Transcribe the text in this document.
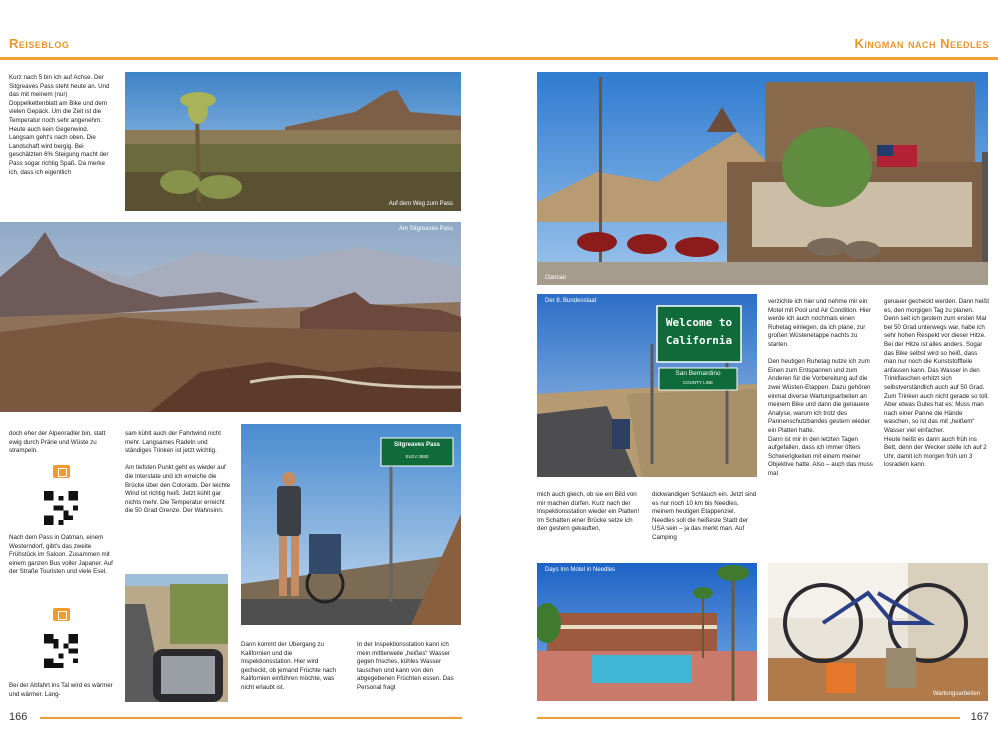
Reiseblog	Kingman nach Needles
Kurz nach 5 bin ich auf Achse. Der Sitgreaves Pass steht heute an. Und das mit meinem (nur) Doppelkettenblatt am Bike und dem vielen Gepäck. Um die Zeit ist die Temperatur noch sehr angenehm. Heute auch kein Gegenwind. Langsam geht's nach oben. Die Landschaft wird bergig. Bei geschätzten 6% Steigung macht der Pass sogar richtig Spaß. Da merke ich, dass ich eigentlich
Auf dem Weg zum Pass
Am Sitgreaves Pass
doch eher der Alpenradler bin, statt ewig durch Prärie und Wüste zu strampeln.
Nach dem Pass in Oatman, einem Westerndorf, gibt's das zweite Frühstück im Saloon. Zusammen mit einem ganzen Bus voller Japaner. Auf der Straße Touristen und viele Esel.
Bei der Abfahrt ins Tal wird es wärmer und wärmer. Lang-
sam kühlt auch der Fahrtwind nicht mehr. Langsames Radeln und ständiges Trinken ist jetzt wichtig.

Am tiefsten Punkt geht es wieder auf die Interstate und ich erreiche die Brücke über den Colorado. Der leichte Wind ist richtig heiß. Jetzt kühlt gar nichts mehr. Die Temperatur erreicht die 50 Grad Grenze. Der Wahnsinn.
Sitgreaves Pass
ELEV 3550
Dann kommt der Übergang zu Kalifornien und die Inspektionsstation. Hier wird gecheckt, ob jemand Früchte nach Kalifornien einführen möchte, was nicht erlaubt ist.
In der Inspektionsstation kann ich mein mittlerweile „heißes“ Wasser gegen frisches, kühles Wasser tauschen und kann von den abgegebenen Früchten essen. Das Personal fragt
166
Oatman
Der 8. Bundesstaat
Welcome to
California
San Bernardino
COUNTY LINE
verzichte ich hier und nehme mir ein Motel mit Pool und Air Condition. Hier werde ich auch nochmals einen Ruhetag einlegen, da ich plane, zur großen Wüstenetappe nachts zu starten.

Den heutigen Ruhetag nutze ich zum Einen zum Entspannen und zum Anderen für die Vorbereitung auf die zwei Wüsten-Etappen. Dazu gehören einmal diverse Wartungsarbeiten an meinem Bike und dann die genauere Analyse, warum ich trotz des Pannenschutzbandes gestern wieder ein Platten hatte.
Dann ist mir in den letzten Tagen aufgefallen, dass ich immer öfters Schwierigkeiten mit einem meiner Objektive hatte. Also – auch das muss mal
genauer gecheckt werden. Dann heißt es, den morgigen Tag zu planen. Denn seit ich gestern zum ersten Mal bei 50 Grad unterwegs war, habe ich sehr hohen Respekt vor dieser Hitze. Bei der Hitze ist alles anders. Sogar das Bike selbst wird so heiß, dass man nur noch die Kunststoffteile anfassen kann. Das Wasser in den Trinkflaschen erhitzt sich selbstverständlich auch auf 50 Grad. Zum Trinken auch nicht gerade so toll. Aber etwas Gutes hat es: Muss man nach einer Panne die Hände waschen, so ist das mit „heißem“ Wasser viel einfacher.
Heute heißt es dann auch früh ins Bett, denn der Wecker stelle ich auf 2 Uhr, damit ich morgen früh um 3 losradeln kann.
mich auch gleich, ob sie ein Bild von mir machen dürfen. Kurz nach der Inspektionsstation wieder ein Platten! Im Schatten einer Brücke setze ich den gestern gekauften,
dickwandigen Schlauch ein. Jetzt sind es nur noch 10 km bis Needles, meinem heutigen Etappenziel. Needles soll die heißeste Stadt der USA sein – ja das merkt man. Auf Camping
Days Inn Motel in Needles
Wartungsarbeiten
167
